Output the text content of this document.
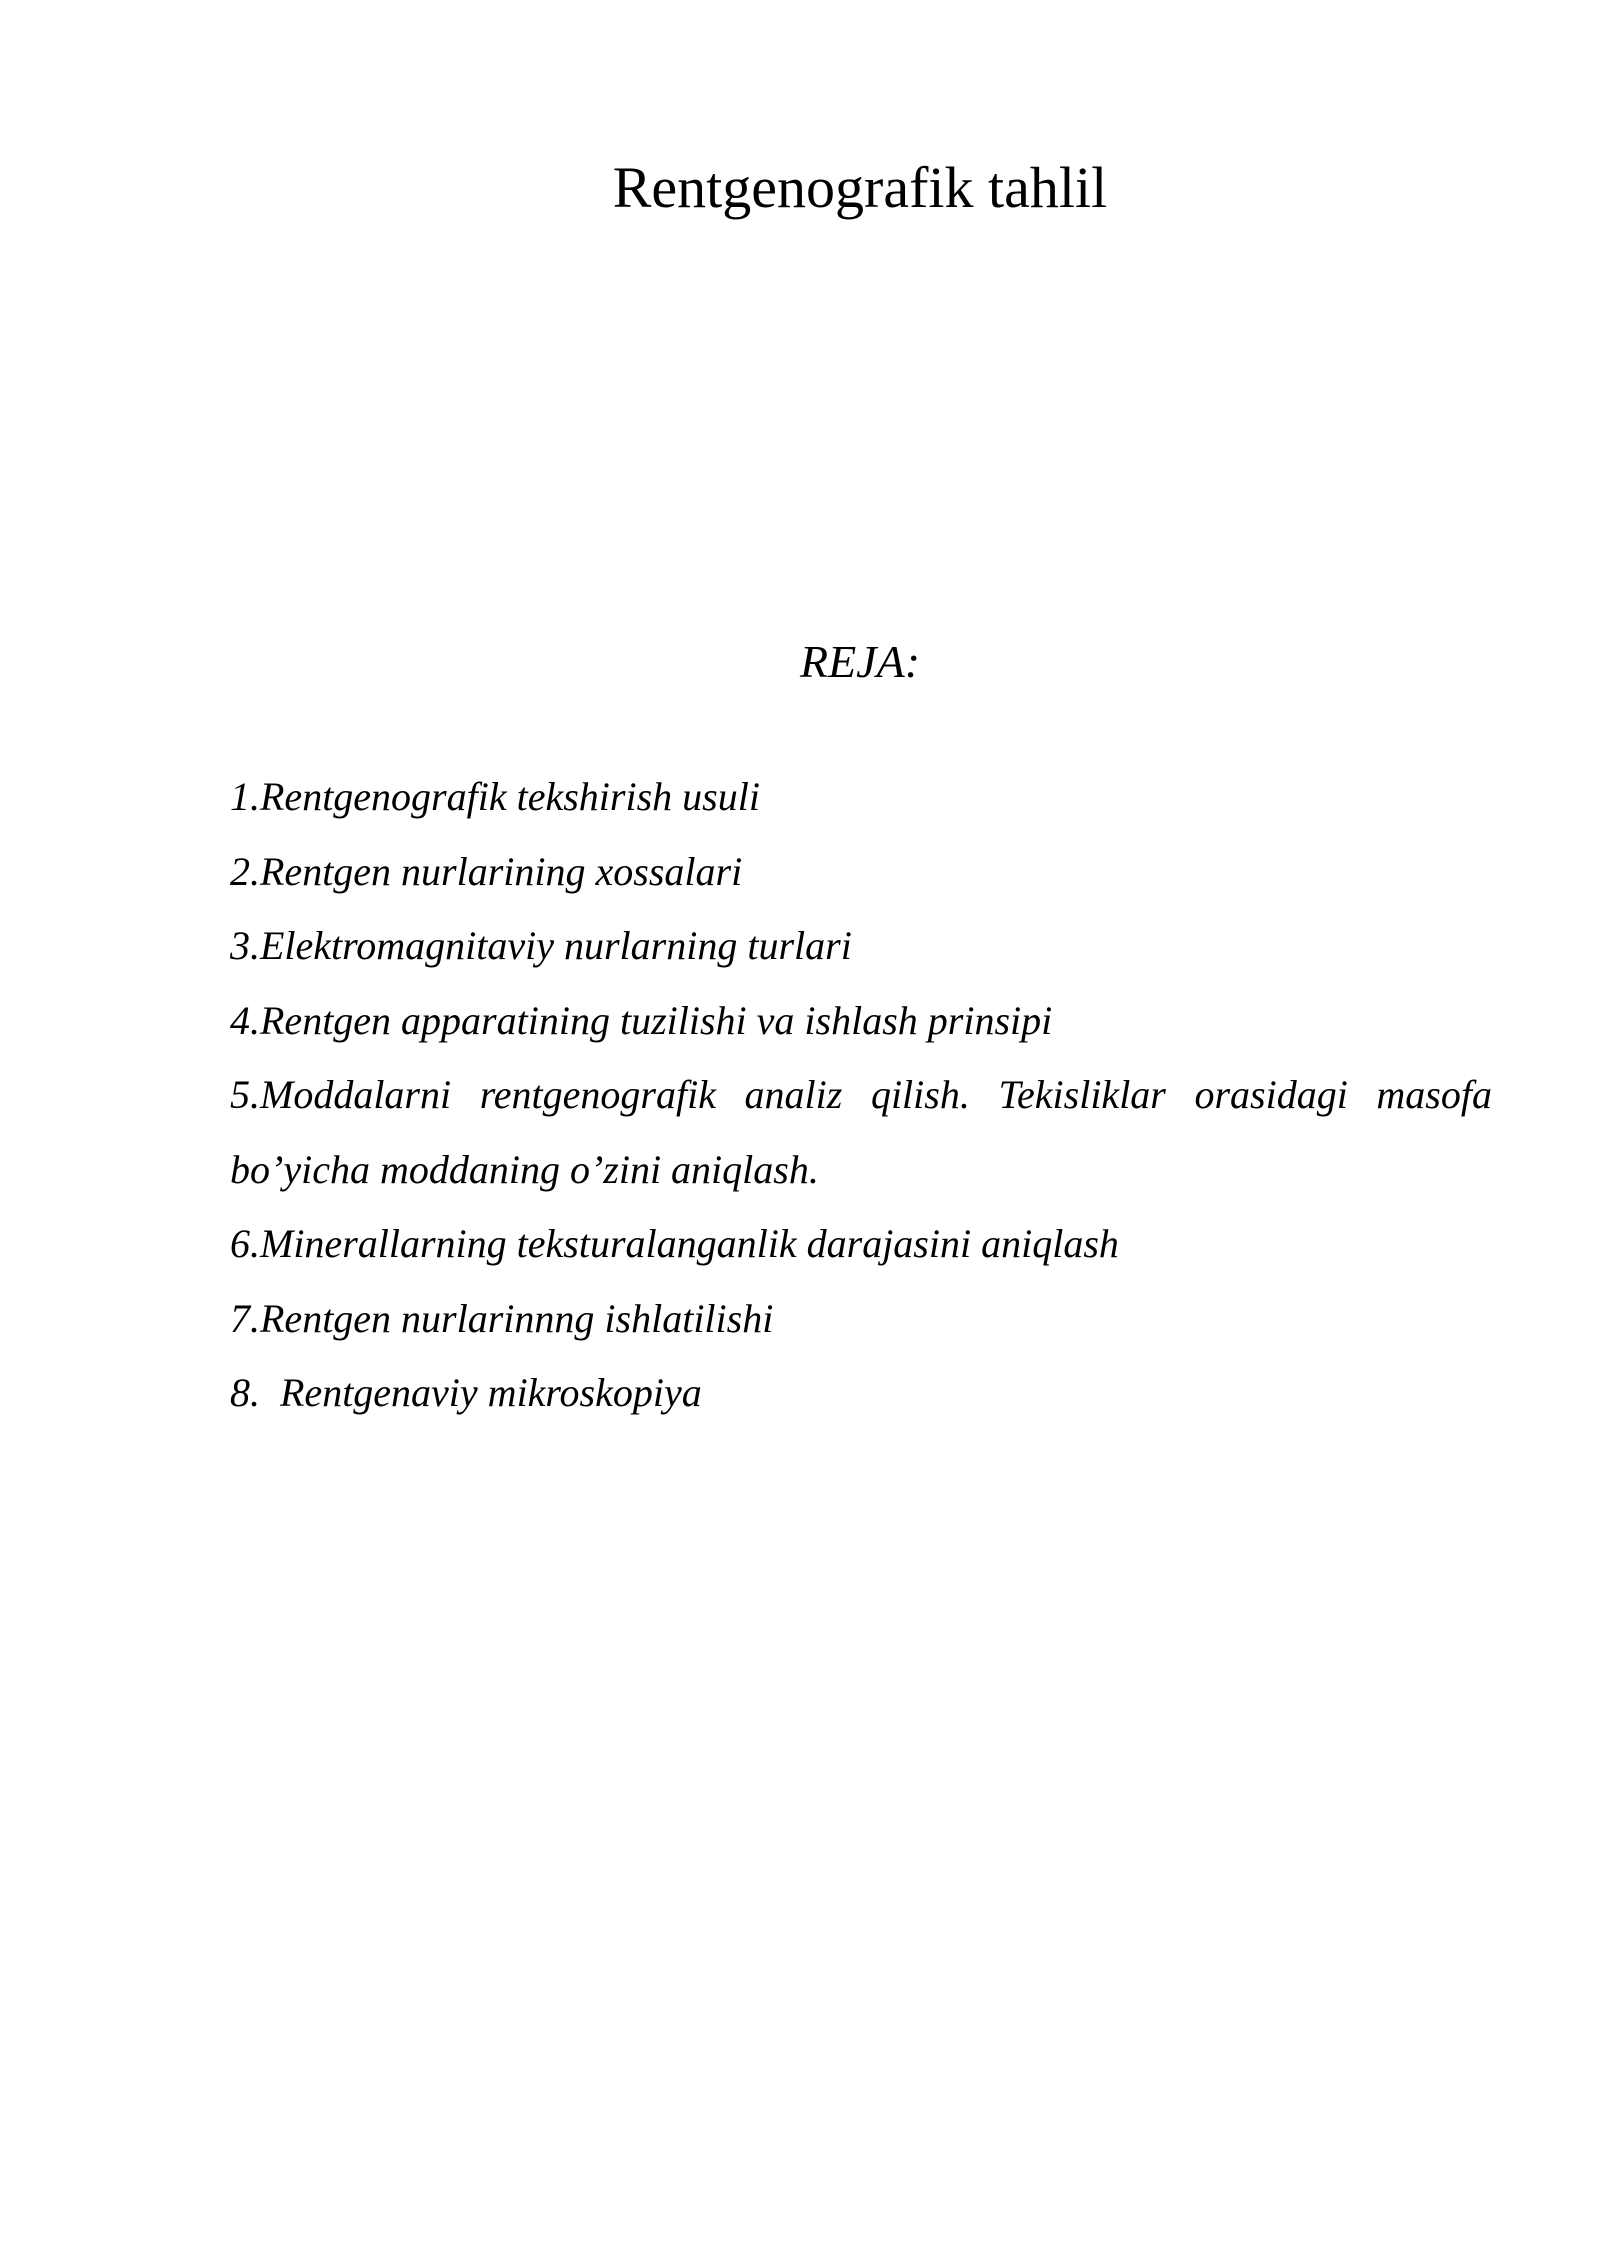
Rentgenografik tahlil

REJA:

1.Rentgenografik tekshirish usuli
2.Rentgen nurlarining xossalari
3.Elektromagnitaviy nurlarning turlari
4.Rentgen apparatining tuzilishi va ishlash prinsipi
5.Moddalarni rentgenografik analiz qilish. Tekisliklar orasidagi masofa
bo’yicha moddaning o’zini aniqlash.
6.Minerallarning teksturalanganlik darajasini aniqlash
7.Rentgen nurlarinnng ishlatilishi
8.  Rentgenaviy mikroskopiya
